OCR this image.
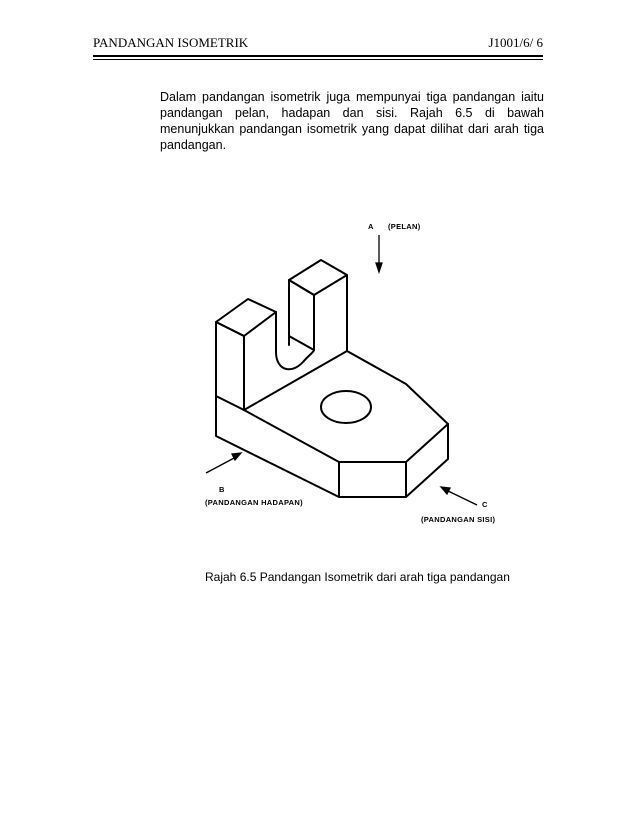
PANDANGAN ISOMETRIK	J1001/6/ 6

Dalam pandangan isometrik juga mempunyai tiga pandangan iaitu pandangan pelan, hadapan dan sisi. Rajah 6.5 di bawah menunjukkan pandangan isometrik yang dapat dilihat dari arah tiga pandangan.

A (PELAN)
B
(PANDANGAN HADAPAN)	C
(PANDANGAN SISI)
Rajah 6.5 Pandangan Isometrik dari arah tiga pandangan
